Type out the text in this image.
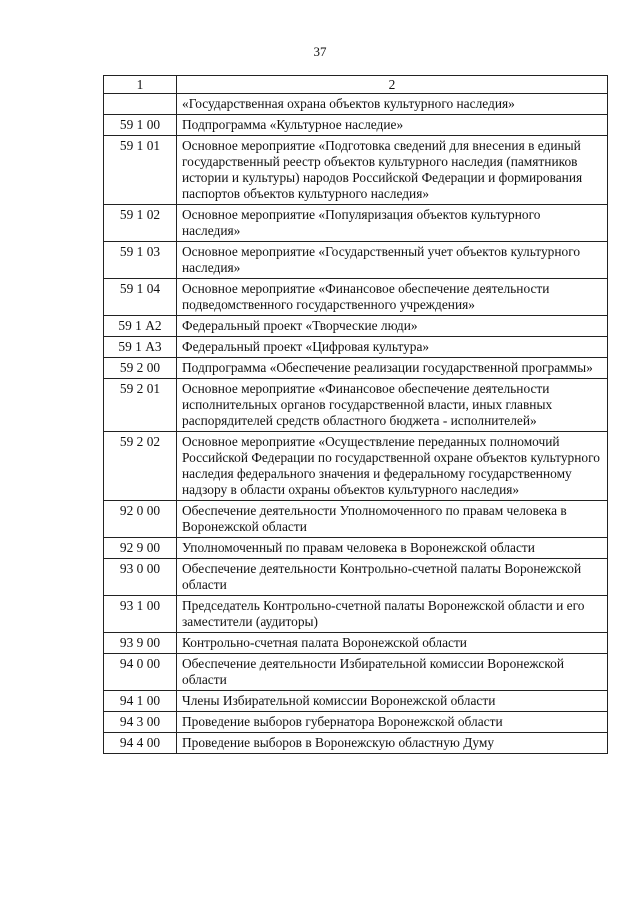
37
1	2
	«Государственная охрана объектов культурного наследия»
59 1 00	Подпрограмма «Культурное наследие»
59 1 01	Основное мероприятие «Подготовка сведений для внесения в единый государственный реестр объектов культурного наследия (памятников истории и культуры) народов Российской Федерации и формирования паспортов объектов культурного наследия»
59 1 02	Основное мероприятие «Популяризация объектов культурного наследия»
59 1 03	Основное мероприятие «Государственный учет объектов культурного наследия»
59 1 04	Основное мероприятие «Финансовое обеспечение деятельности подведомственного государственного учреждения»
59 1 А2	Федеральный проект «Творческие люди»
59 1 А3	Федеральный проект «Цифровая культура»
59 2 00	Подпрограмма «Обеспечение реализации государственной программы»
59 2 01	Основное мероприятие «Финансовое обеспечение деятельности исполнительных органов государственной власти, иных главных распорядителей средств областного бюджета - исполнителей»
59 2 02	Основное мероприятие «Осуществление переданных полномочий Российской Федерации по государственной охране объектов культурного наследия федерального значения и федеральному государственному надзору в области охраны объектов культурного наследия»
92 0 00	Обеспечение деятельности Уполномоченного по правам человека в Воронежской области
92 9 00	Уполномоченный по правам человека в Воронежской области
93 0 00	Обеспечение деятельности Контрольно-счетной палаты Воронежской области
93 1 00	Председатель Контрольно-счетной палаты Воронежской области и его заместители (аудиторы)
93 9 00	Контрольно-счетная палата Воронежской области
94 0 00	Обеспечение деятельности Избирательной комиссии Воронежской области
94 1 00	Члены Избирательной комиссии Воронежской области
94 3 00	Проведение выборов губернатора Воронежской области
94 4 00	Проведение выборов в Воронежскую областную Думу
